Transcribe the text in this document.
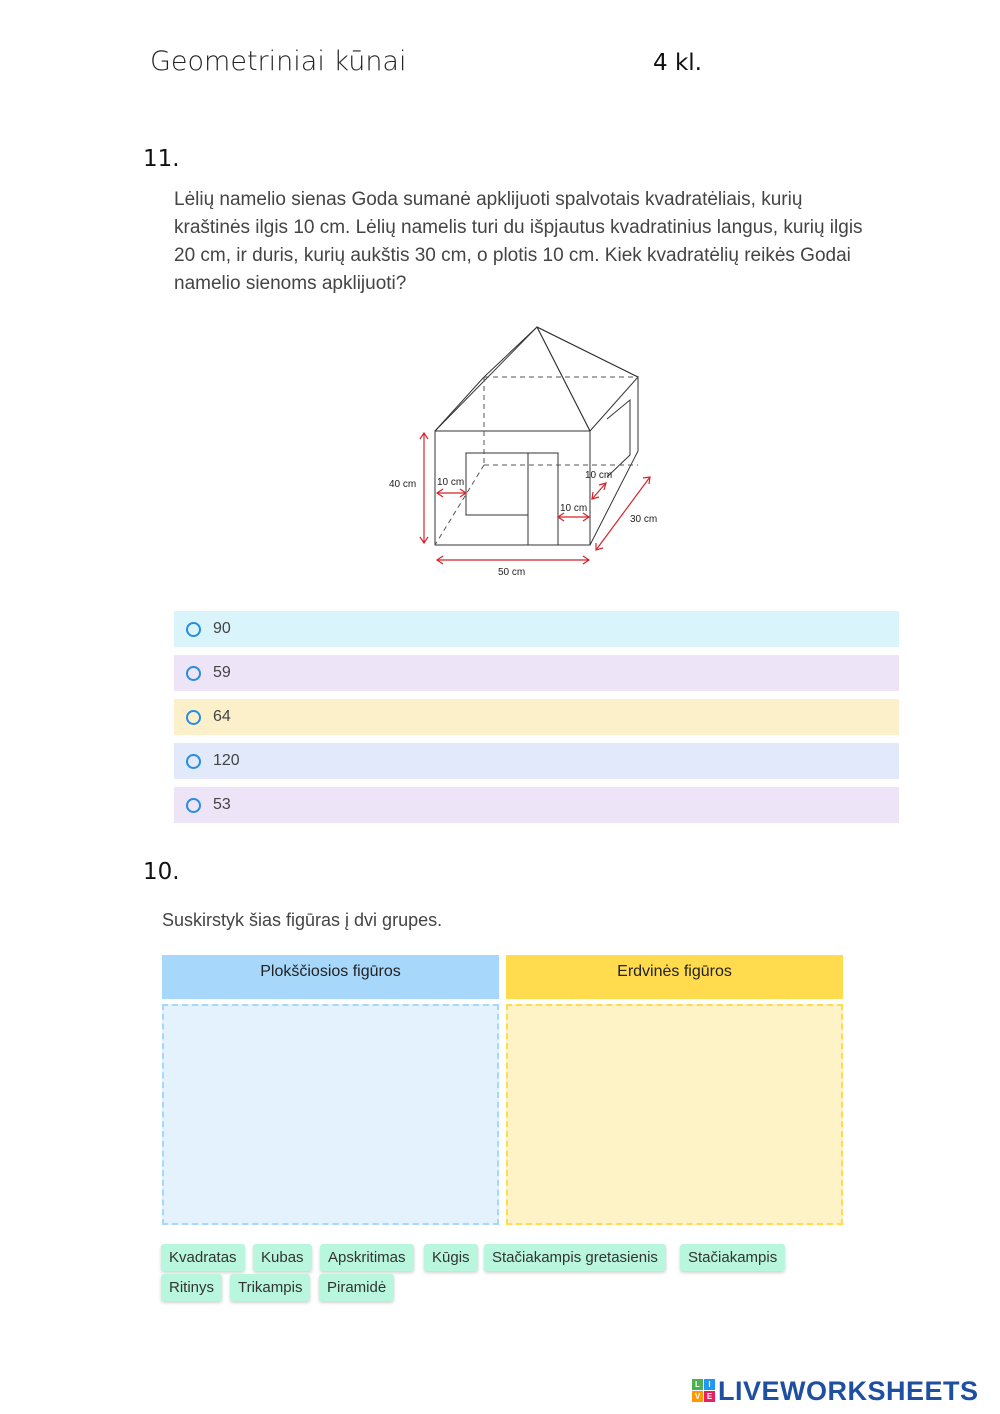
Geometriniai kūnai	4 kl.
11.
Lėlių namelio sienas Goda sumanė apklijuoti spalvotais kvadratėliais, kurių kraštinės ilgis 10 cm. Lėlių namelis turi du išpjautus kvadratinius langus, kurių ilgis 20 cm, ir duris, kurių aukštis 30 cm, o plotis 10 cm. Kiek kvadratėlių reikės Godai namelio sienoms apklijuoti?
40 cm 10 cm
10 cm
10 cm
30 cm
50 cm
90
59
64
120
53
10.
Suskirstyk šias figūras į dvi grupes.
Plokščiosios figūros	Erdvinės figūros
Kvadratas	Kubas	Apskritimas	Kūgis	Stačiakampis gretasienis	Stačiakampis
Ritinys	Trikampis	Piramidė
L	I
V E LIVEWORKSHEETS
